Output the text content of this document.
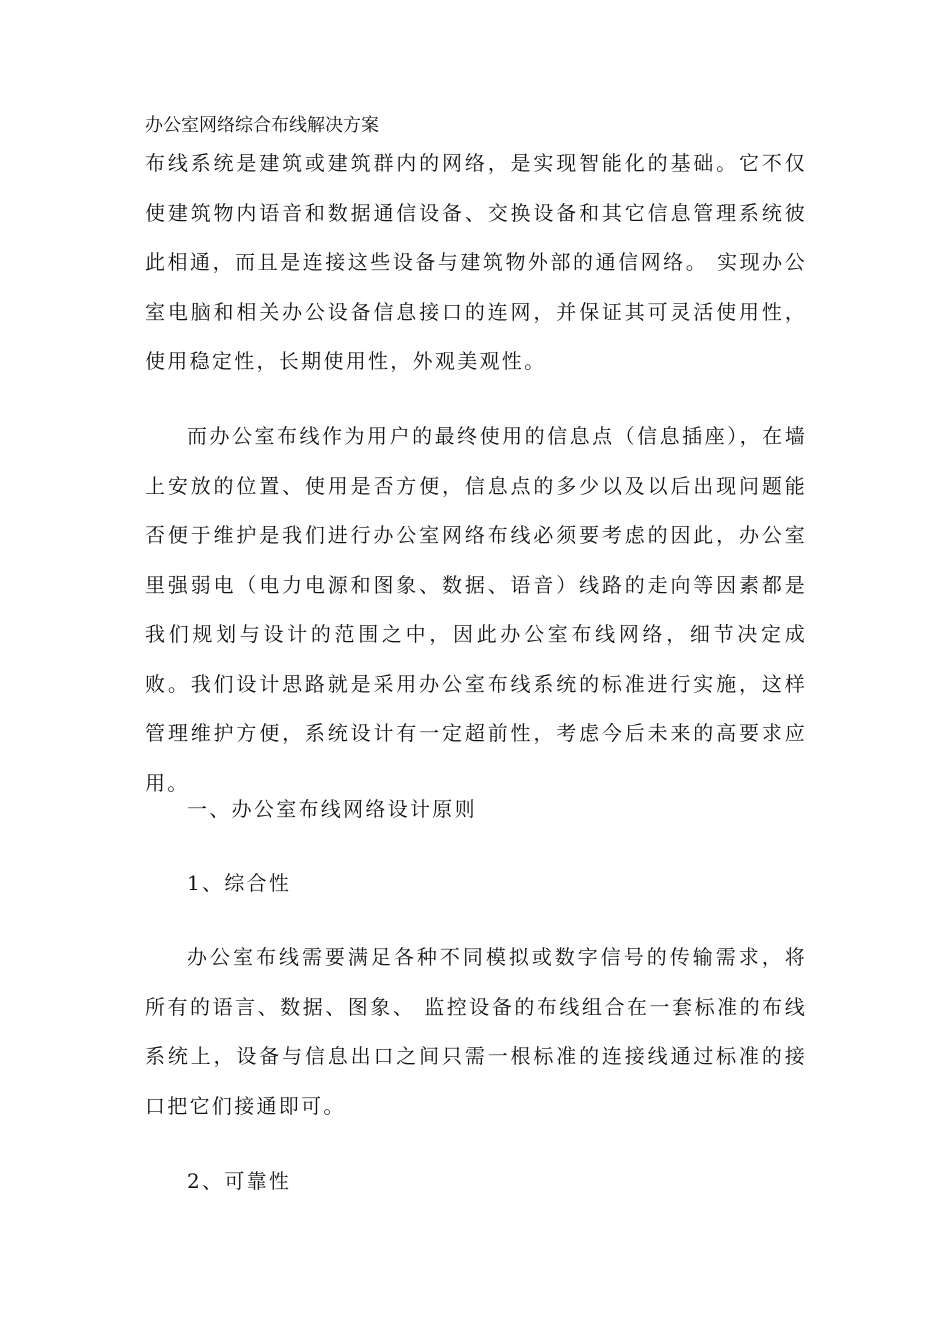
办公室网络综合布线解决方案

布线系统是建筑或建筑群内的网络，是实现智能化的基础。它不仅使建筑物内语音和数据通信设备、交换设备和其它信息管理系统彼此相通，而且是连接这些设备与建筑物外部的通信网络。 实现办公室电脑和相关办公设备信息接口的连网，并保证其可灵活使用性，使用稳定性，长期使用性，外观美观性。

而办公室布线作为用户的最终使用的信息点（信息插座），在墙上安放的位置、使用是否方便，信息点的多少以及以后出现问题能否便于维护是我们进行办公室网络布线必须要考虑的因此，办公室里强弱电（电力电源和图象、数据、语音）线路的走向等因素都是我们规划与设计的范围之中，因此办公室布线网络，细节决定成败。我们设计思路就是采用办公室布线系统的标准进行实施，这样管理维护方便，系统设计有一定超前性，考虑今后未来的高要求应用。

一、办公室布线网络设计原则

1、综合性

办公室布线需要满足各种不同模拟或数字信号的传输需求，将所有的语言、数据、图象、 监控设备的布线组合在一套标准的布线系统上，设备与信息出口之间只需一根标准的连接线通过标准的接口把它们接通即可。

2、可靠性
